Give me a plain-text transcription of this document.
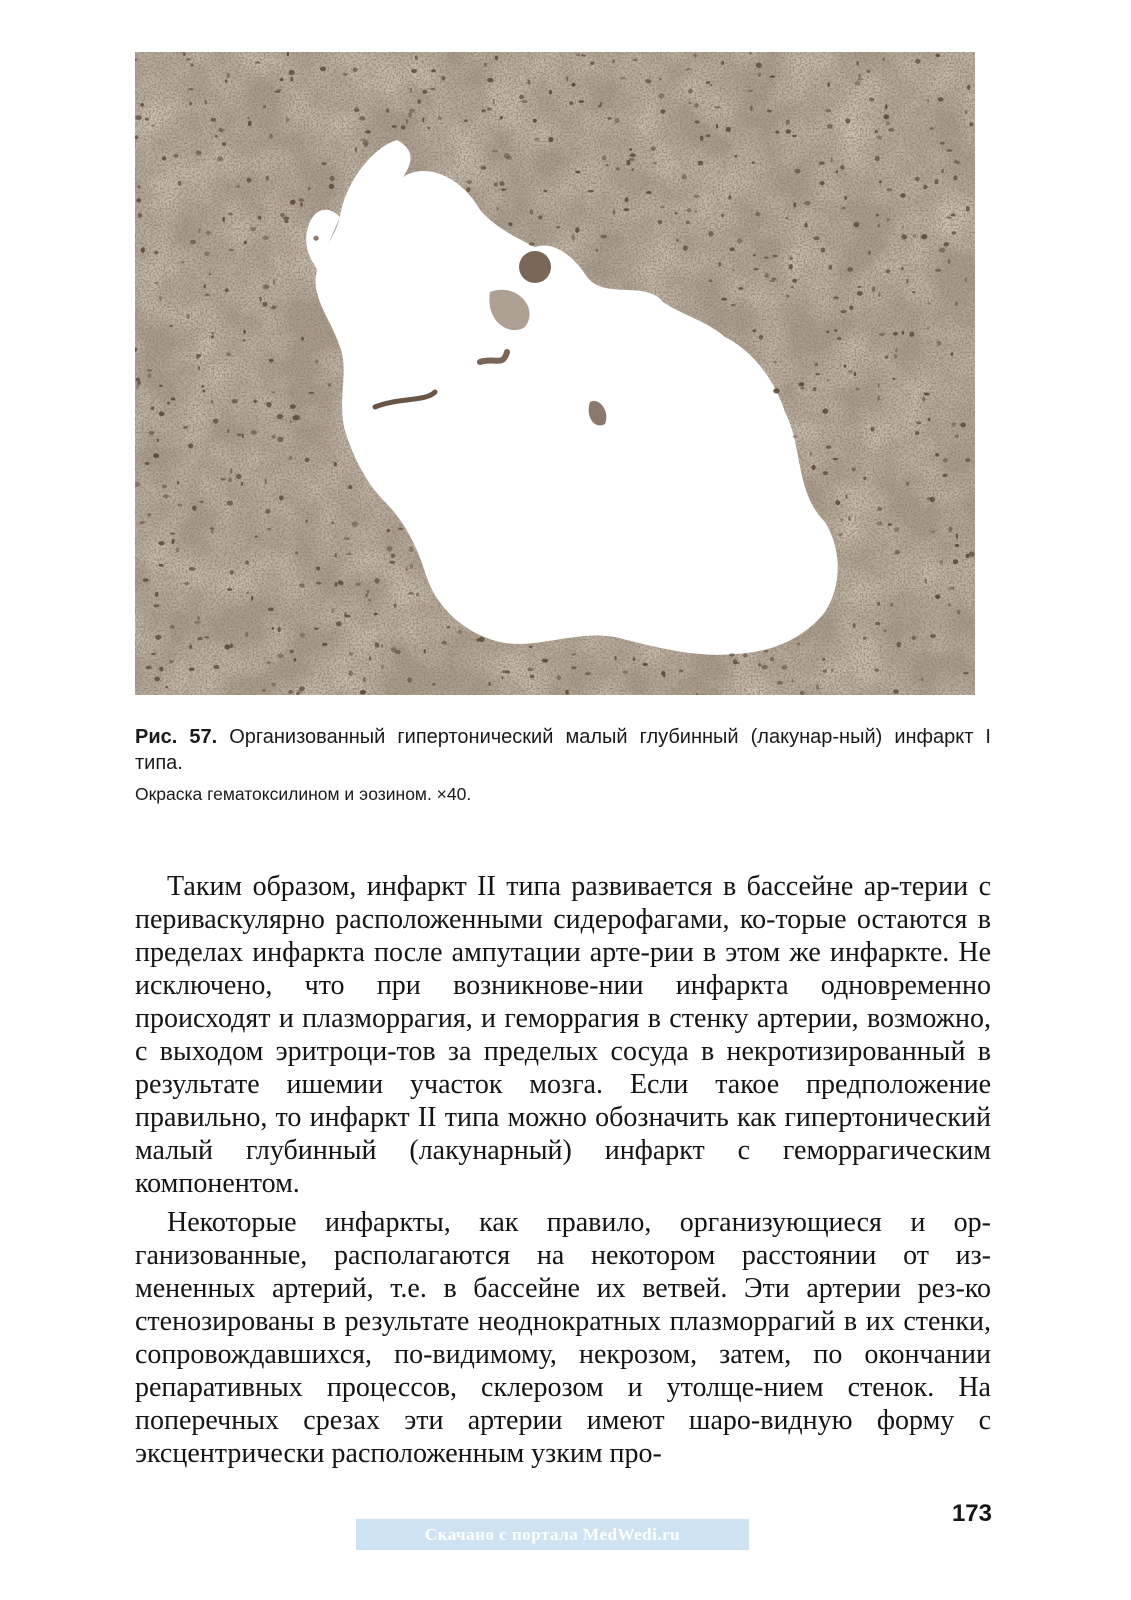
Рис. 57. Организованный гипертонический малый глубинный (лакунар-ный) инфаркт I типа.
Окраска гематоксилином и эозином. ×40.

Таким образом, инфаркт II типа развивается в бассейне ар-терии с периваскулярно расположенными сидерофагами, ко-торые остаются в пределах инфаркта после ампутации арте-рии в этом же инфаркте. Не исключено, что при возникнове-нии инфаркта одновременно происходят и плазморрагия, и геморрагия в стенку артерии, возможно, с выходом эритроци-тов за пределых сосуда в некротизированный в результате ишемии участок мозга. Если такое предположение правильно, то инфаркт II типа можно обозначить как гипертонический малый глубинный (лакунарный) инфаркт с геморрагическим компонентом.

Некоторые инфаркты, как правило, организующиеся и ор-ганизованные, располагаются на некотором расстоянии от из-мененных артерий, т.е. в бассейне их ветвей. Эти артерии рез-ко стенозированы в результате неоднократных плазморрагий в их стенки, сопровождавшихся, по-видимому, некрозом, затем, по окончании репаративных процессов, склерозом и утолще-нием стенок. На поперечных срезах эти артерии имеют шаро-видную форму с эксцентрически расположенным узким про-

173
Скачано с портала MedWedi.ru
